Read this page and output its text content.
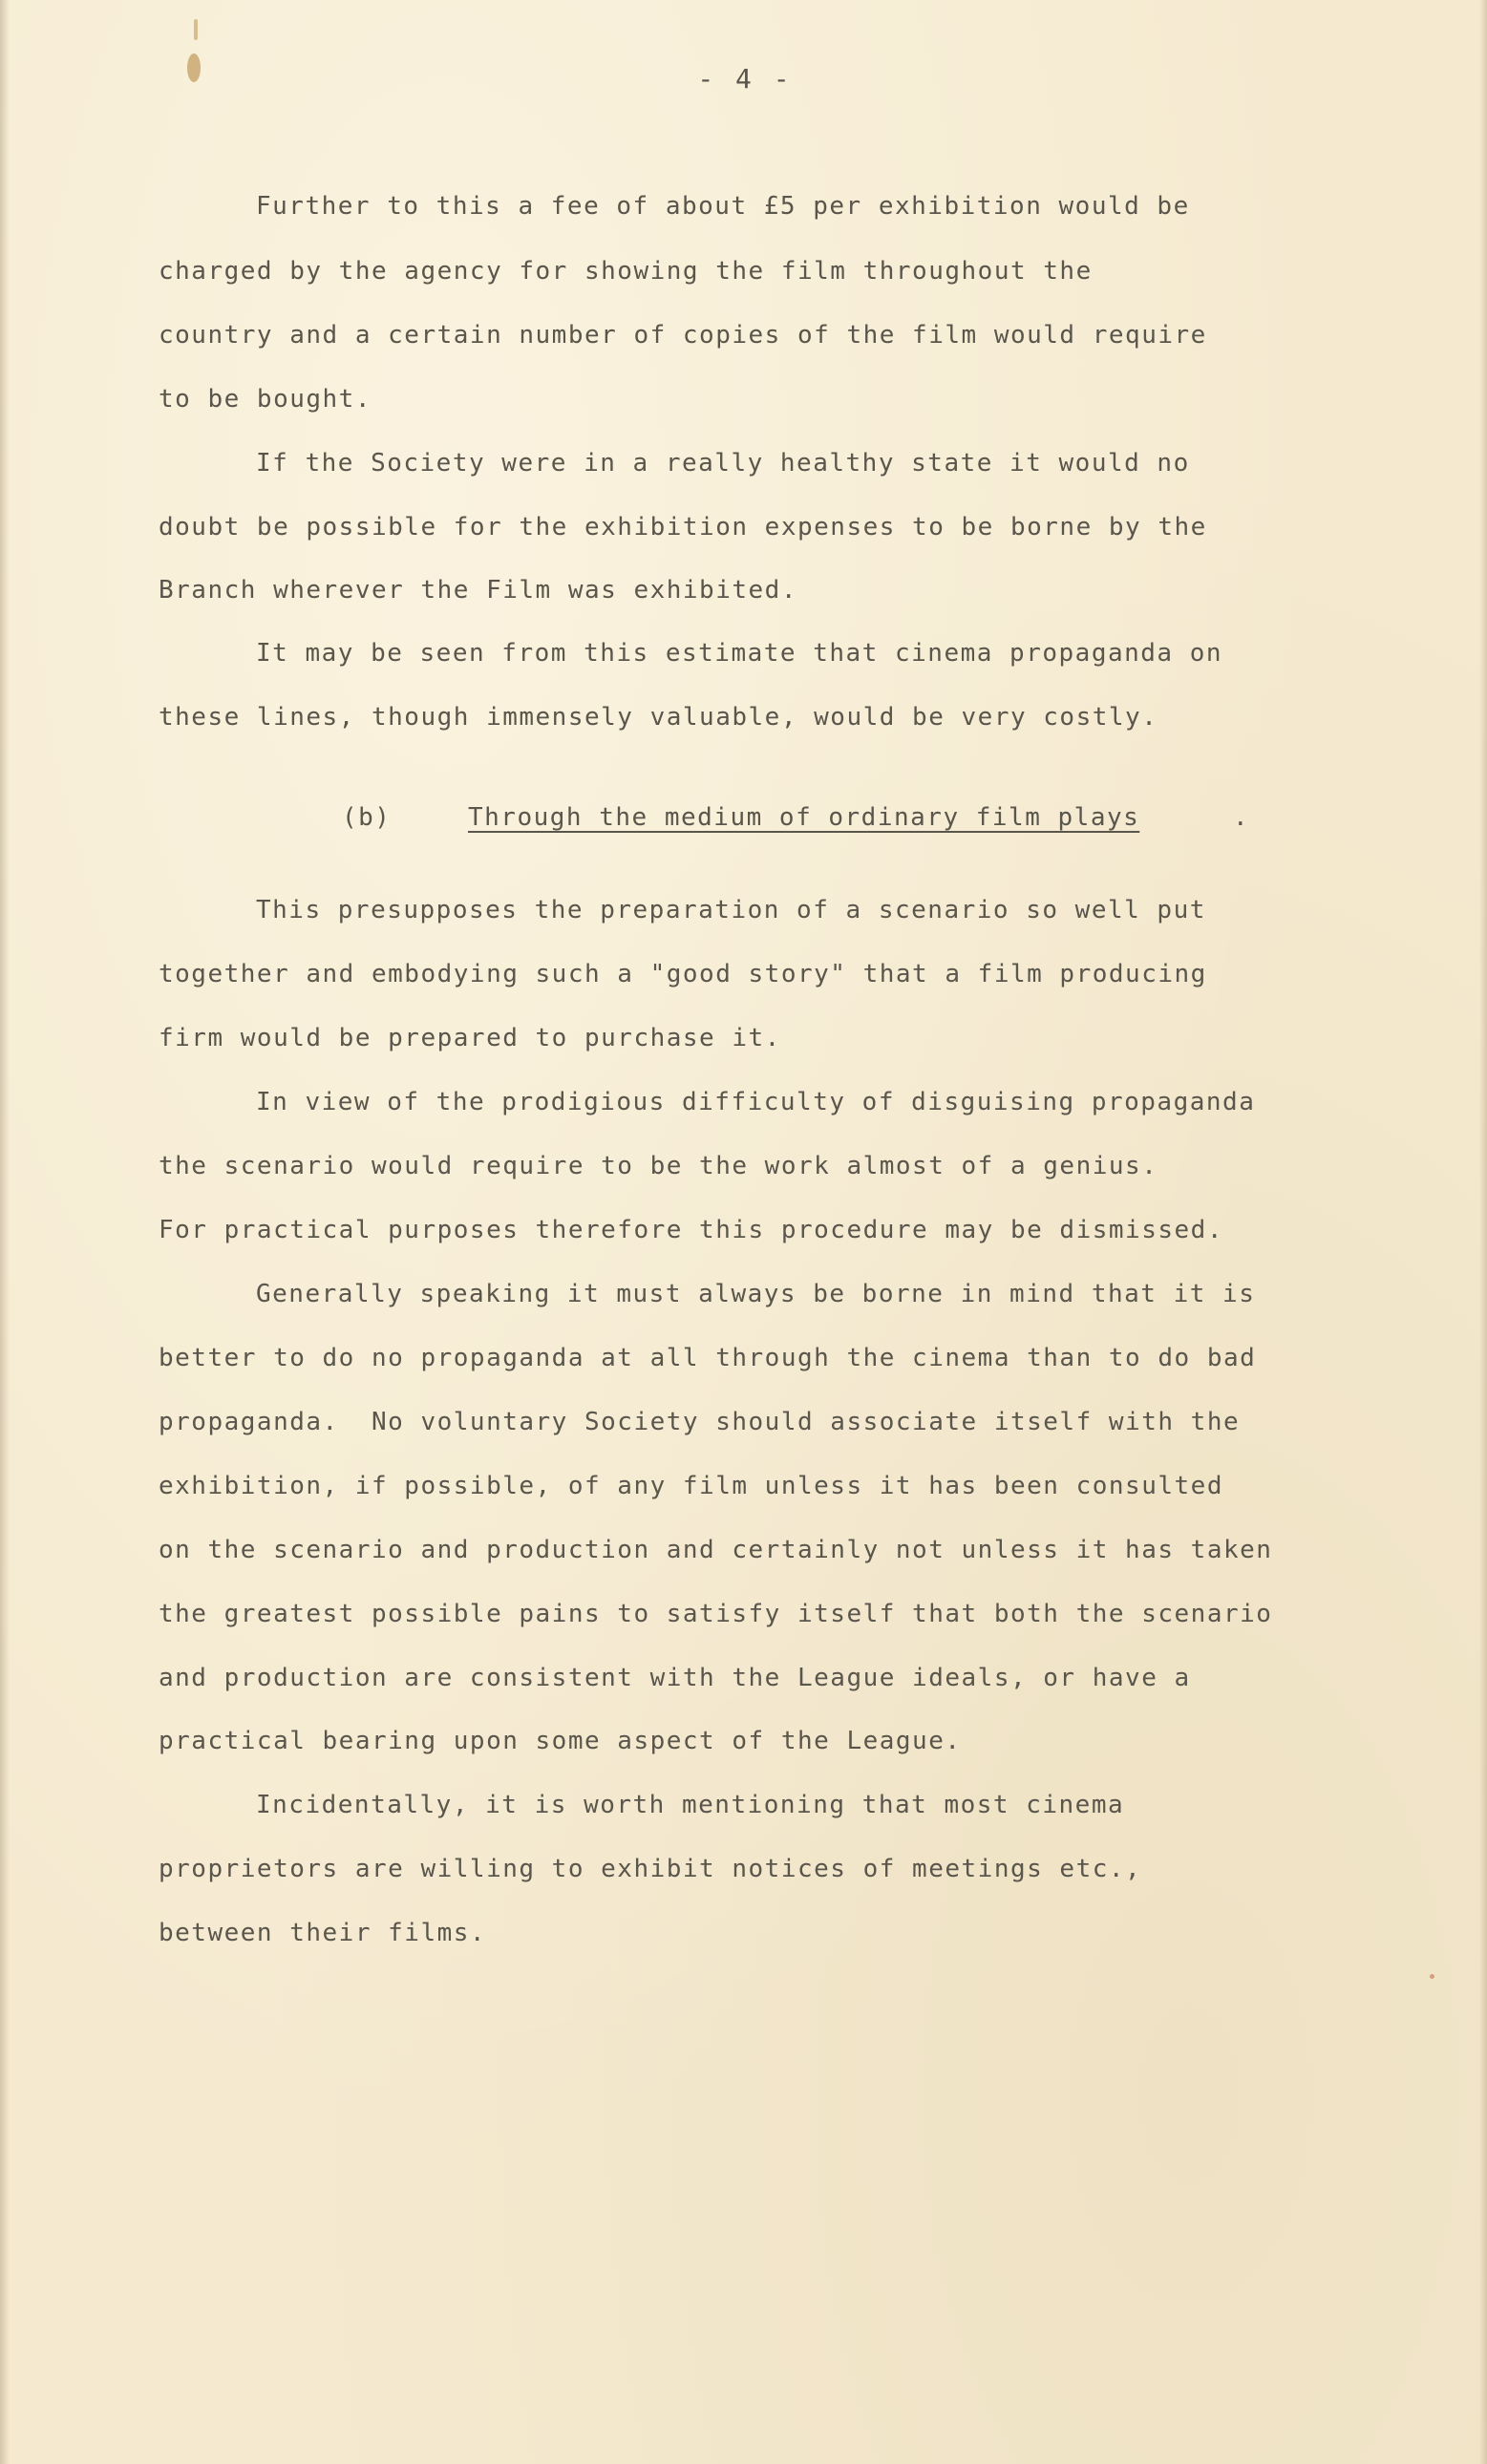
- 4 -
Further to this a fee of about £5 per exhibition would be
charged by the agency for showing the film throughout the
country and a certain number of copies of the film would require
to be bought.
If the Society were in a really healthy state it would no
doubt be possible for the exhibition expenses to be borne by the
Branch wherever the Film was exhibited.
It may be seen from this estimate that cinema propaganda on
these lines, though immensely valuable, would be very costly.
(b)	Through the medium of ordinary film plays	.
This presupposes the preparation of a scenario so well put
together and embodying such a "good story" that a film producing
firm would be prepared to purchase it.
In view of the prodigious difficulty of disguising propaganda
the scenario would require to be the work almost of a genius.
For practical purposes therefore this procedure may be dismissed.
Generally speaking it must always be borne in mind that it is
better to do no propaganda at all through the cinema than to do bad
propaganda.  No voluntary Society should associate itself with the
exhibition, if possible, of any film unless it has been consulted
on the scenario and production and certainly not unless it has taken
the greatest possible pains to satisfy itself that both the scenario
and production are consistent with the League ideals, or have a
practical bearing upon some aspect of the League.
Incidentally, it is worth mentioning that most cinema
proprietors are willing to exhibit notices of meetings etc.,
between their films.
